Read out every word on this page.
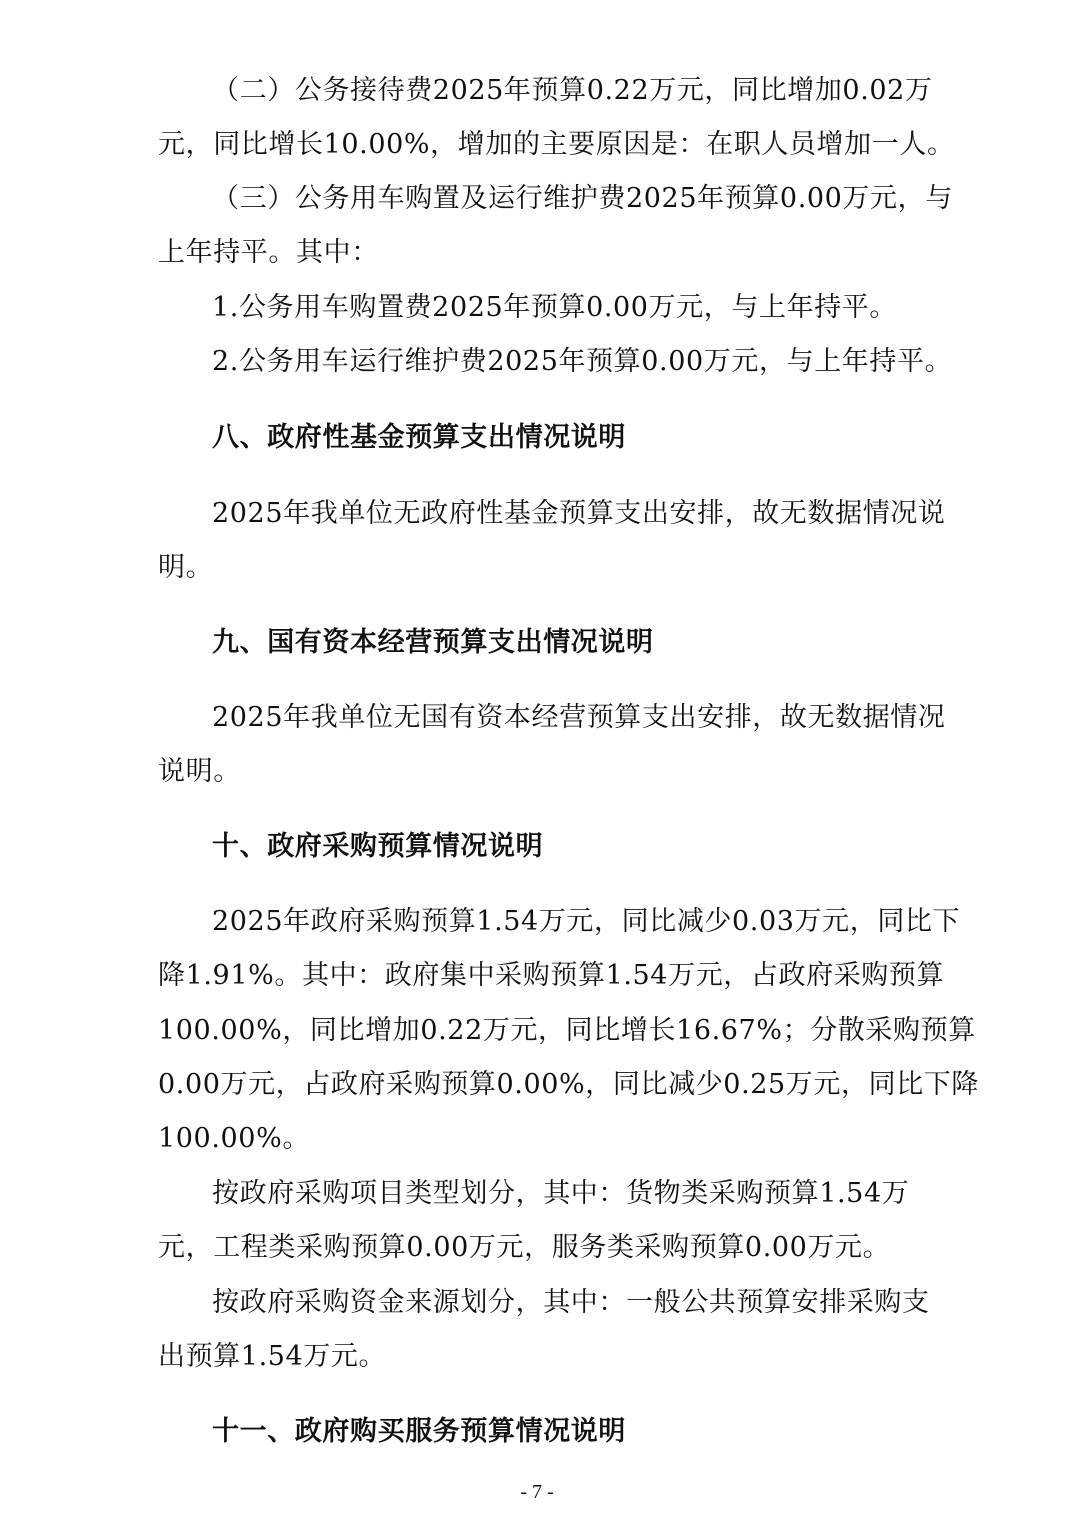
（二）公务接待费2025年预算0.22万元，同比增加0.02万
元，同比增长10.00%，增加的主要原因是：在职人员增加一人。
（三）公务用车购置及运行维护费2025年预算0.00万元，与
上年持平。其中：
1.公务用车购置费2025年预算0.00万元，与上年持平。
2.公务用车运行维护费2025年预算0.00万元，与上年持平。
八、政府性基金预算支出情况说明
2025年我单位无政府性基金预算支出安排，故无数据情况说
明。
九、国有资本经营预算支出情况说明
2025年我单位无国有资本经营预算支出安排，故无数据情况
说明。
十、政府采购预算情况说明
2025年政府采购预算1.54万元，同比减少0.03万元，同比下
降1.91%。其中：政府集中采购预算1.54万元，占政府采购预算
100.00%，同比增加0.22万元，同比增长16.67%；分散采购预算
0.00万元，占政府采购预算0.00%，同比减少0.25万元，同比下降
100.00%。
按政府采购项目类型划分，其中：货物类采购预算1.54万
元，工程类采购预算0.00万元，服务类采购预算0.00万元。
按政府采购资金来源划分，其中：一般公共预算安排采购支
出预算1.54万元。
十一、政府购买服务预算情况说明
- 7 -
